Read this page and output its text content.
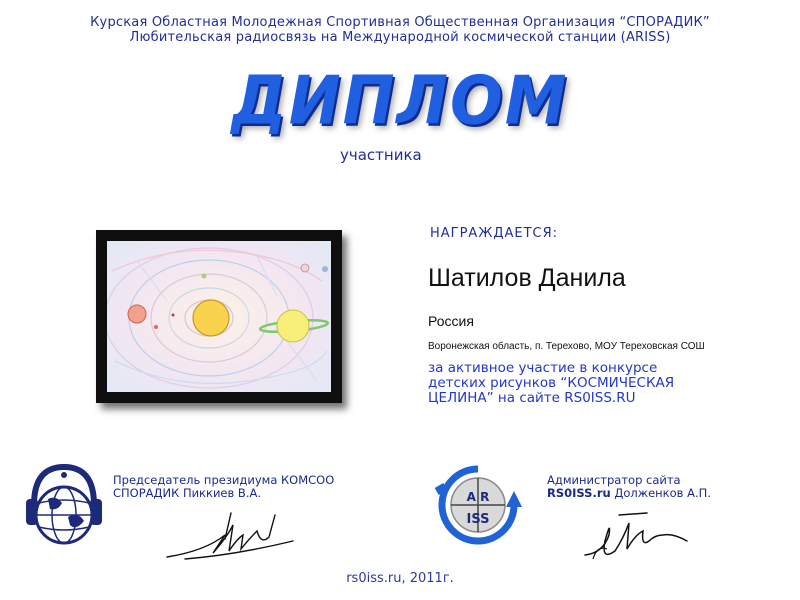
Курская Областная Молодежная Спортивная Общественная Организация “СПОРАДИК”
Любительская радиосвязь на Международной космической станции (ARISS)
ДИПЛОМ
участника
НАГРАЖДАЕТСЯ:
Шатилов Данила
Россия
Воронежская область, п. Терехово, МОУ Тереховская СОШ
за активное участие в конкурсе
детских рисунков “КОСМИЧЕСКАЯ
ЦЕЛИНА” на сайте RS0ISS.RU
Председатель президиума КОМСОО
СПОРАДИК Пиккиев В.А.	A R
ISS
Администратор сайта
RS0ISS.ru Долженков А.П.
rs0iss.ru, 2011г.
